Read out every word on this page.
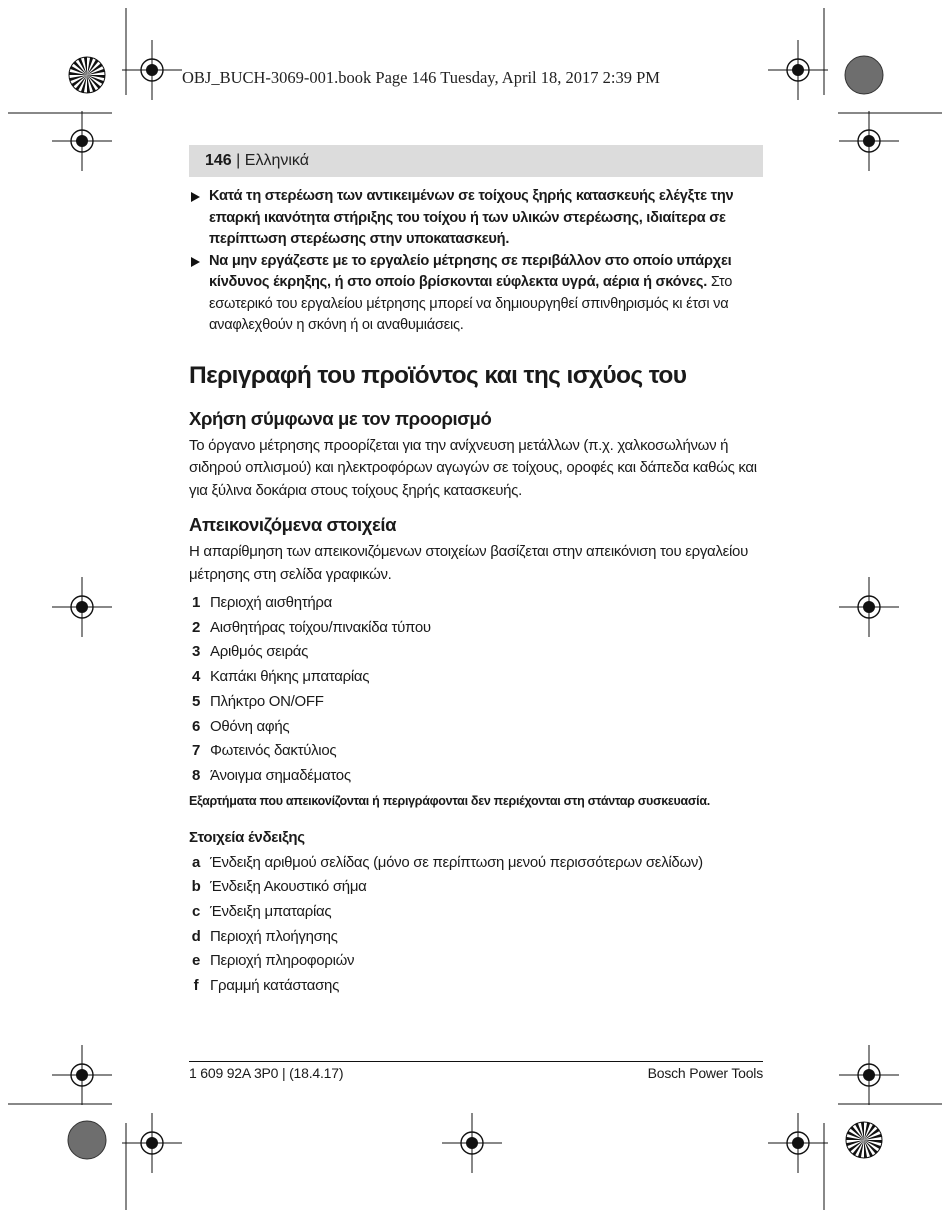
OBJ_BUCH-3069-001.book Page 146 Tuesday, April 18, 2017 2:39 PM
146 | Ελληνικά

Κατά τη στερέωση των αντικειμένων σε τοίχους ξηρής κατασκευής ελέγξτε την επαρκή ικανότητα στήριξης του τοίχου ή των υλικών στερέωσης, ιδιαίτερα σε περίπτωση στερέωσης στην υποκατασκευή.

Να μην εργάζεστε με το εργαλείο μέτρησης σε περιβάλλον στο οποίο υπάρχει κίνδυνος έκρηξης, ή στο οποίο βρίσκονται εύφλεκτα υγρά, αέρια ή σκόνες. Στο εσωτερικό του εργαλείου μέτρησης μπορεί να δημιουργηθεί σπινθηρισμός κι έτσι να αναφλεχθούν η σκόνη ή οι αναθυμιάσεις.

Περιγραφή του προϊόντος και της ισχύος του
Χρήση σύμφωνα με τον προορισμό

Το όργανο μέτρησης προορίζεται για την ανίχνευση μετάλλων (π.χ. χαλκοσωλήνων ή σιδηρού οπλισμού) και ηλεκτροφόρων αγωγών σε τοίχους, οροφές και δάπεδα καθώς και για ξύλινα δοκάρια στους τοίχους ξηρής κατασκευής.

Απεικονιζόμενα στοιχεία

Η απαρίθμηση των απεικονιζόμενων στοιχείων βασίζεται στην απεικόνιση του εργαλείου μέτρησης στη σελίδα γραφικών.

1 Περιοχή αισθητήρα
2 Αισθητήρας τοίχου/πινακίδα τύπου
3 Αριθμός σειράς
4 Καπάκι θήκης μπαταρίας
5 Πλήκτρο ON/OFF
6 Οθόνη αφής
7 Φωτεινός δακτύλιος
8 Άνοιγμα σημαδέματος

Εξαρτήματα που απεικονίζονται ή περιγράφονται δεν περιέχονται στη στάνταρ συσκευασία.

Στοιχεία ένδειξης
a Ένδειξη αριθμού σελίδας (μόνο σε περίπτωση μενού περισσότερων σελίδων)
b Ένδειξη Ακουστικό σήμα
c Ένδειξη μπαταρίας
d Περιοχή πλοήγησης
e Περιοχή πληροφοριών
f Γραμμή κατάστασης
1 609 92A 3P0 | (18.4.17)	Bosch Power Tools
